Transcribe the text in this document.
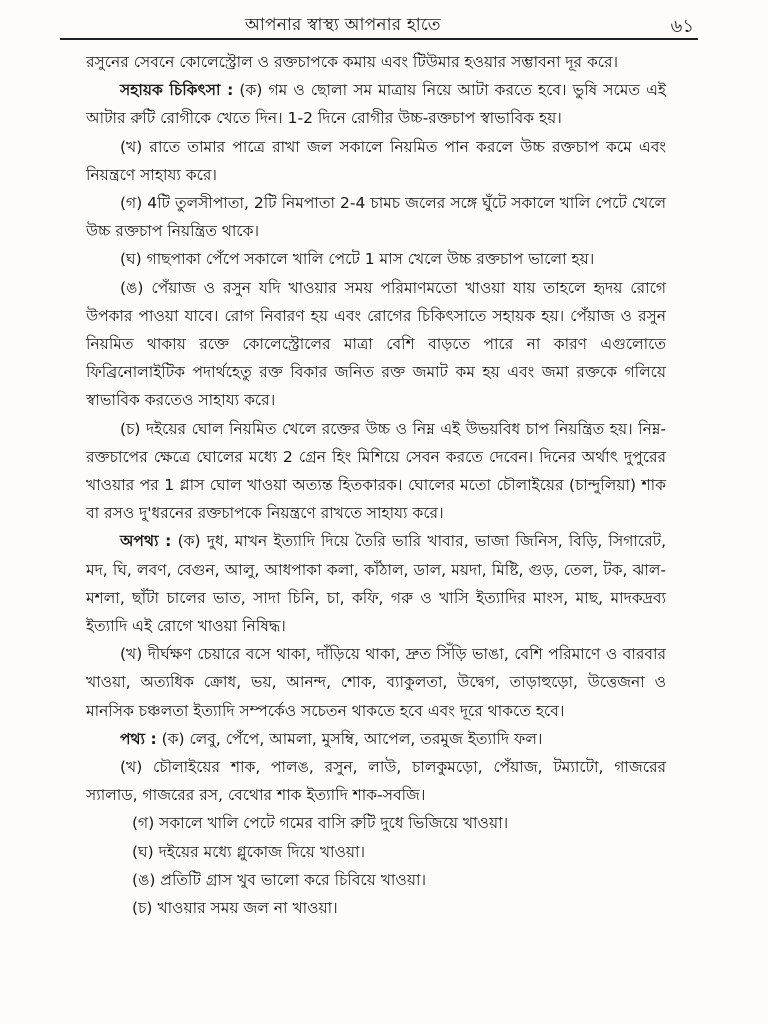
আপনার স্বাস্থ্য আপনার হাতে	৬১

রসুনের সেবনে কোলেস্ট্রোল ও রক্তচাপকে কমায় এবং টিউমার হওয়ার সম্ভাবনা দূর করে।

সহায়ক চিকিৎসা : (ক) গম ও ছোলা সম মাত্রায় নিয়ে আটা করতে হবে। ভুষি সমেত এই আটার রুটি রোগীকে খেতে দিন। 1-2 দিনে রোগীর উচ্চ-রক্তচাপ স্বাভাবিক হয়।

(খ) রাতে তামার পাত্রে রাখা জল সকালে নিয়মিত পান করলে উচ্চ রক্তচাপ কমে এবং নিয়ন্ত্রণে সাহায্য করে।

(গ) 4টি তুলসীপাতা, 2টি নিমপাতা 2-4 চামচ জলের সঙ্গে ঘুঁটে সকালে খালি পেটে খেলে উচ্চ রক্তচাপ নিয়ন্ত্রিত থাকে।

(ঘ) গাছপাকা পেঁপে সকালে খালি পেটে 1 মাস খেলে উচ্চ রক্তচাপ ভালো হয়।

(ঙ) পেঁয়াজ ও রসুন যদি খাওয়ার সময় পরিমাণমতো খাওয়া যায় তাহলে হৃদয় রোগে উপকার পাওয়া যাবে। রোগ নিবারণ হয় এবং রোগের চিকিৎসাতে সহায়ক হয়। পেঁয়াজ ও রসুন নিয়মিত থাকায় রক্তে কোলেস্ট্রোলের মাত্রা বেশি বাড়তে পারে না কারণ এগুলোতে ফিব্রিনোলাইটিক পদার্থহেতু রক্ত বিকার জনিত রক্ত জমাট কম হয় এবং জমা রক্তকে গলিয়ে স্বাভাবিক করতেও সাহায্য করে।

(চ) দইয়ের ঘোল নিয়মিত খেলে রক্তের উচ্চ ও নিম্ন এই উভয়বিধ চাপ নিয়ন্ত্রিত হয়। নিম্ন-রক্তচাপের ক্ষেত্রে ঘোলের মধ্যে 2 গ্রেন হিং মিশিয়ে সেবন করতে দেবেন। দিনের অর্থাৎ দুপুরের খাওয়ার পর 1 গ্লাস ঘোল খাওয়া অত্যন্ত হিতকারক। ঘোলের মতো চৌলাইয়ের (চান্দুলিয়া) শাক বা রসও দু'ধরনের রক্তচাপকে নিয়ন্ত্রণে রাখতে সাহায্য করে।

অপথ্য : (ক) দুধ, মাখন ইত্যাদি দিয়ে তৈরি ভারি খাবার, ভাজা জিনিস, বিড়ি, সিগারেট, মদ, ঘি, লবণ, বেগুন, আলু, আধপাকা কলা, কাঁঠাল, ডাল, ময়দা, মিষ্টি, গুড়, তেল, টক, ঝাল-মশলা, ছাঁটা চালের ভাত, সাদা চিনি, চা, কফি, গরু ও খাসি ইত্যাদির মাংস, মাছ, মাদকদ্রব্য ইত্যাদি এই রোগে খাওয়া নিষিদ্ধ।

(খ) দীর্ঘক্ষণ চেয়ারে বসে থাকা, দাঁড়িয়ে থাকা, দ্রুত সিঁড়ি ভাঙা, বেশি পরিমাণে ও বারবার খাওয়া, অত্যধিক ক্রোধ, ভয়, আনন্দ, শোক, ব্যাকুলতা, উদ্বেগ, তাড়াহুড়ো, উত্তেজনা ও মানসিক চঞ্চলতা ইত্যাদি সম্পর্কেও সচেতন থাকতে হবে এবং দূরে থাকতে হবে।

পথ্য : (ক) লেবু, পেঁপে, আমলা, মুসম্বি, আপেল, তরমুজ ইত্যাদি ফল।

(খ) চৌলাইয়ের শাক, পালঙ, রসুন, লাউ, চালকুমড়ো, পেঁয়াজ, টম্যাটো, গাজরের স্যালাড, গাজরের রস, বেথোর শাক ইত্যাদি শাক-সবজি।

(গ) সকালে খালি পেটে গমের বাসি রুটি দুধে ভিজিয়ে খাওয়া।

(ঘ) দইয়ের মধ্যে গ্লুকোজ দিয়ে খাওয়া।

(ঙ) প্রতিটি গ্রাস খুব ভালো করে চিবিয়ে খাওয়া।

(চ) খাওয়ার সময় জল না খাওয়া।
